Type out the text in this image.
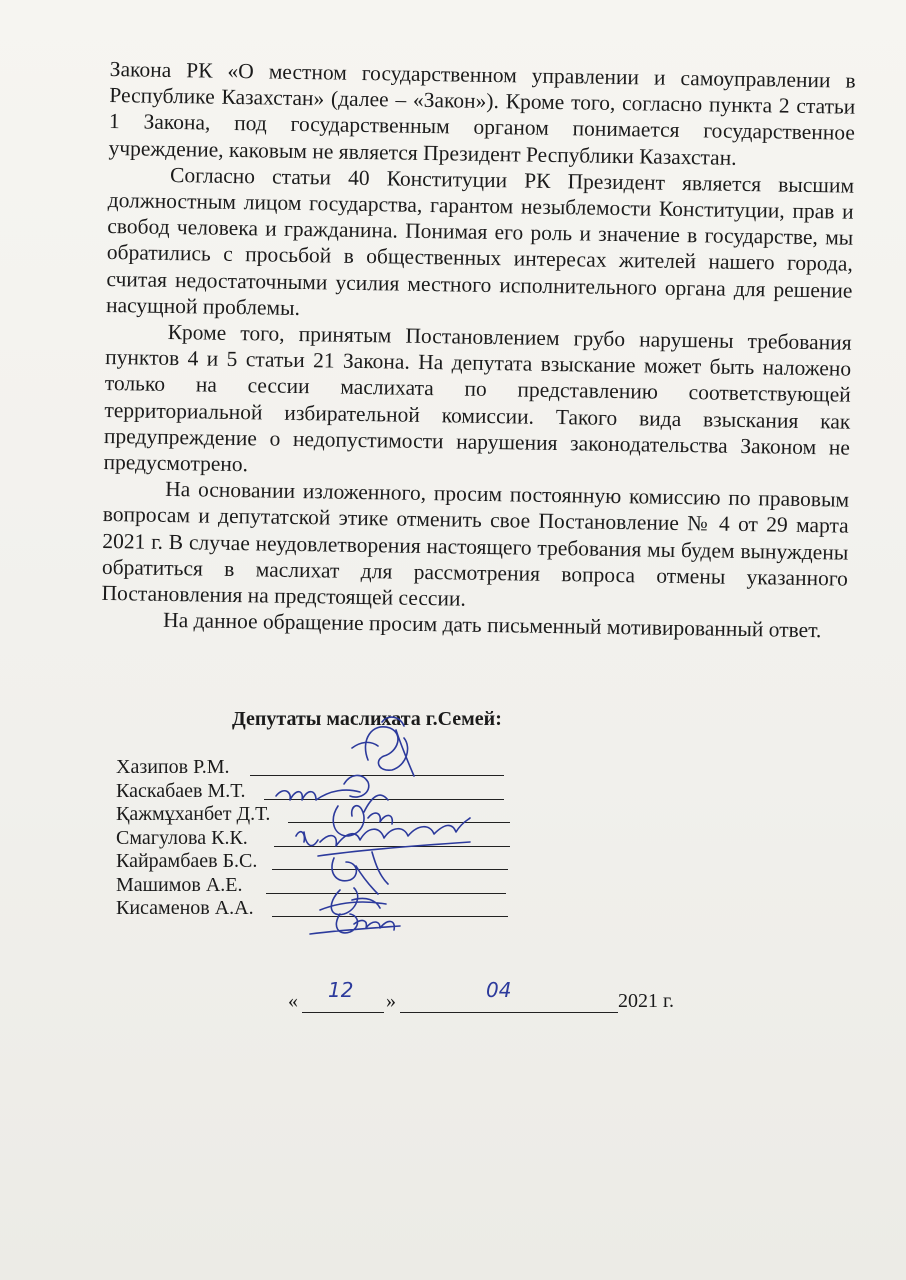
Закона РК «О местном государственном управлении и самоуправлении в Республике Казахстан» (далее – «Закон»). Кроме того, согласно пункта 2 статьи 1 Закона, под государственным органом понимается государственное учреждение, каковым не является Президент Республики Казахстан.

Согласно статьи 40 Конституции РК Президент является высшим должностным лицом государства, гарантом незыблемости Конституции, прав и свобод человека и гражданина. Понимая его роль и значение в государстве, мы обратились с просьбой в общественных интересах жителей нашего города, считая недостаточными усилия местного исполнительного органа для решение насущной проблемы.

Кроме того, принятым Постановлением грубо нарушены требования пунктов 4 и 5 статьи 21 Закона. На депутата взыскание может быть наложено только на сессии маслихата по представлению соответствующей территориальной избирательной комиссии. Такого вида взыскания как предупреждение о недопустимости нарушения законодательства Законом не предусмотрено.

На основании изложенного, просим постоянную комиссию по правовым вопросам и депутатской этике отменить свое Постановление № 4 от 29 марта 2021 г. В случае неудовлетворения настоящего требования мы будем вынуждены обратиться в маслихат для рассмотрения вопроса отмены указанного Постановления на предстоящей сессии.

На данное обращение просим дать письменный мотивированный ответ.

Депутаты маслихата г.Семей:
Хазипов Р.М.
Каскабаев М.Т.
Қажмұханбет Д.Т.
Смагулова К.К.
Кайрамбаев Б.С.
Машимов А.Е.
Кисаменов А.А.
« 12 »	04	2021 г.
